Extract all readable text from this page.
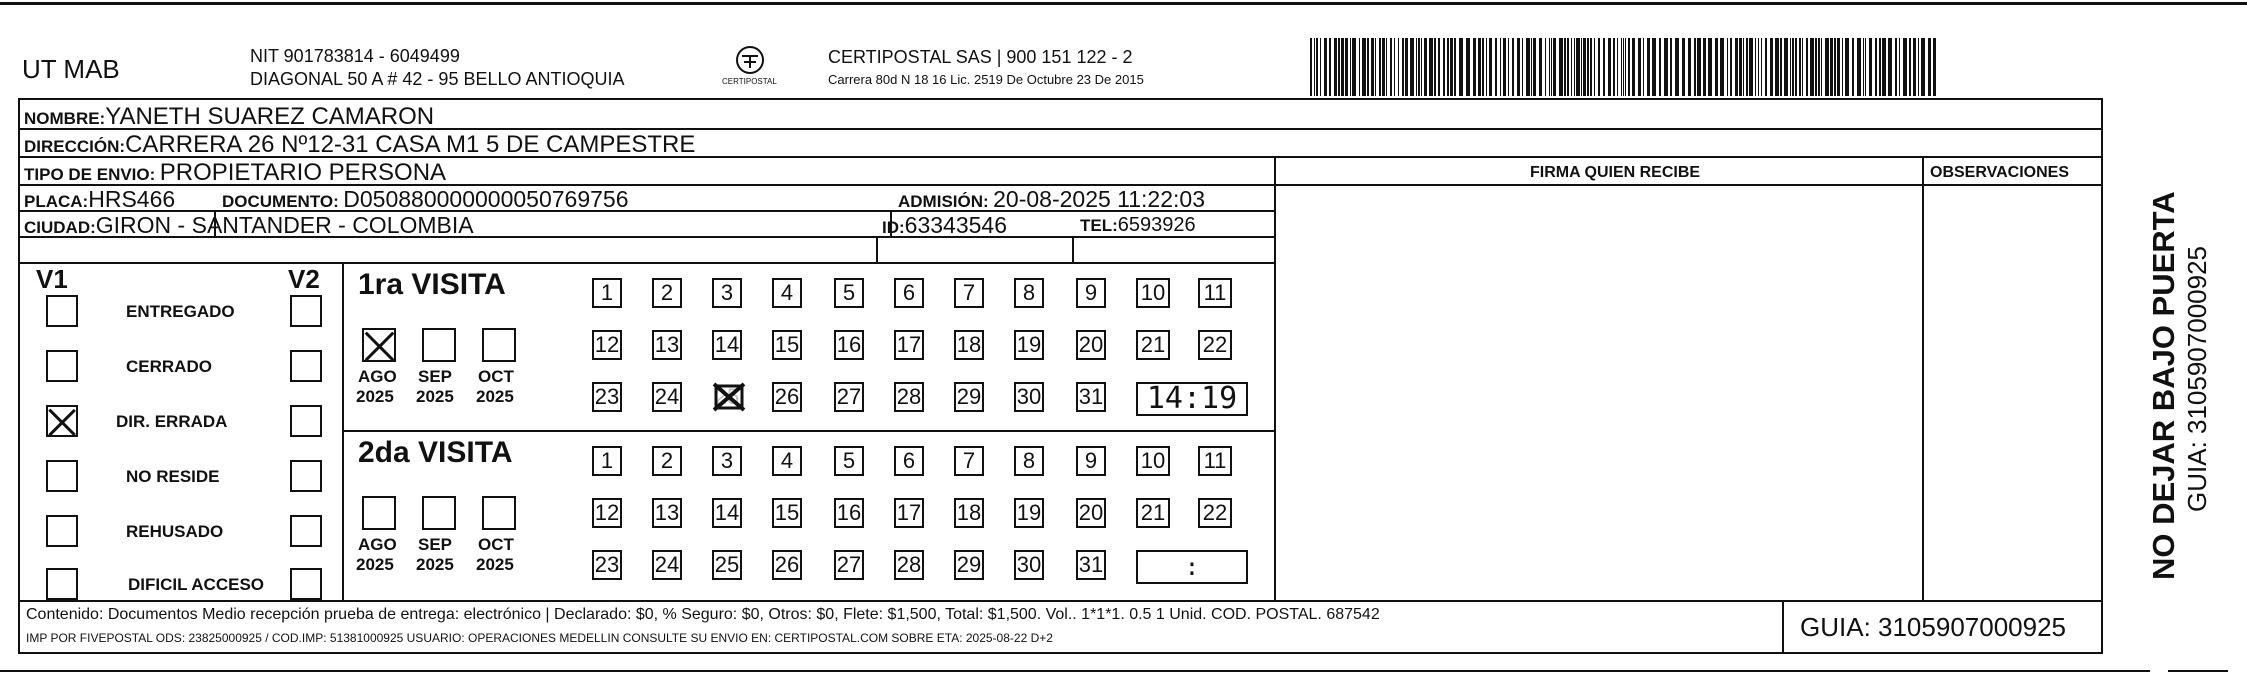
UT MAB	NIT 901783814 - 6049499
DIAGONAL 50 A # 42 - 95 BELLO ANTIOQUIA	CERTIPOSTAL
CERTIPOSTAL SAS | 900 151 122 - 2
Carrera 80d N 18 16 Lic. 2519 De Octubre 23 De 2015
NOMBRE:YANETH SUAREZ CAMARON
DIRECCIÓN:CARRERA 26 Nº12-31 CASA M1 5 DE CAMPESTRE
TIPO DE ENVIO: PROPIETARIO PERSONA	FIRMA QUIEN RECIBE	OBSERVACIONES
PLACA:HRS466	DOCUMENTO: D050880000000050769756	ADMISIÓN: 20-08-2025 11:22:03
CIUDAD:GIRON - SANTANDER - COLOMBIA	ID:63343546	TEL:6593926
V1	V2
ENTREGADO
CERRADO
DIR. ERRADA
NO RESIDE
REHUSADO
DIFICIL ACCESO
1ra VISITA
AGO
2025
SEP
2025
OCT
2025
1	2	3	4	5	6	7	8	9	10 11
12 13 14 15 16 17 18 19 20 21 22
23 24 25 26 27 28 29 30 31	14:19
2da VISITA
AGO
2025
SEP
2025
OCT
2025
1	2	3	4	5	6	7	8	9	10 11
12 13 14 15 16 17 18 19 20 21 22
23 24 25 26 27 28 29 30 31	:
Contenido: Documentos Medio recepción prueba de entrega: electrónico | Declarado: $0, % Seguro: $0, Otros: $0, Flete: $1,500, Total: $1,500. Vol.. 1*1*1. 0.5 1 Unid. COD. POSTAL. 687542
IMP POR FIVEPOSTAL ODS: 23825000925 / COD.IMP: 51381000925 USUARIO: OPERACIONES MEDELLIN CONSULTE SU ENVIO EN: CERTIPOSTAL.COM SOBRE ETA: 2025-08-22 D+2	GUIA: 3105907000925
NO DEJAR BAJO PUERTA GUIA: 3105907000925
